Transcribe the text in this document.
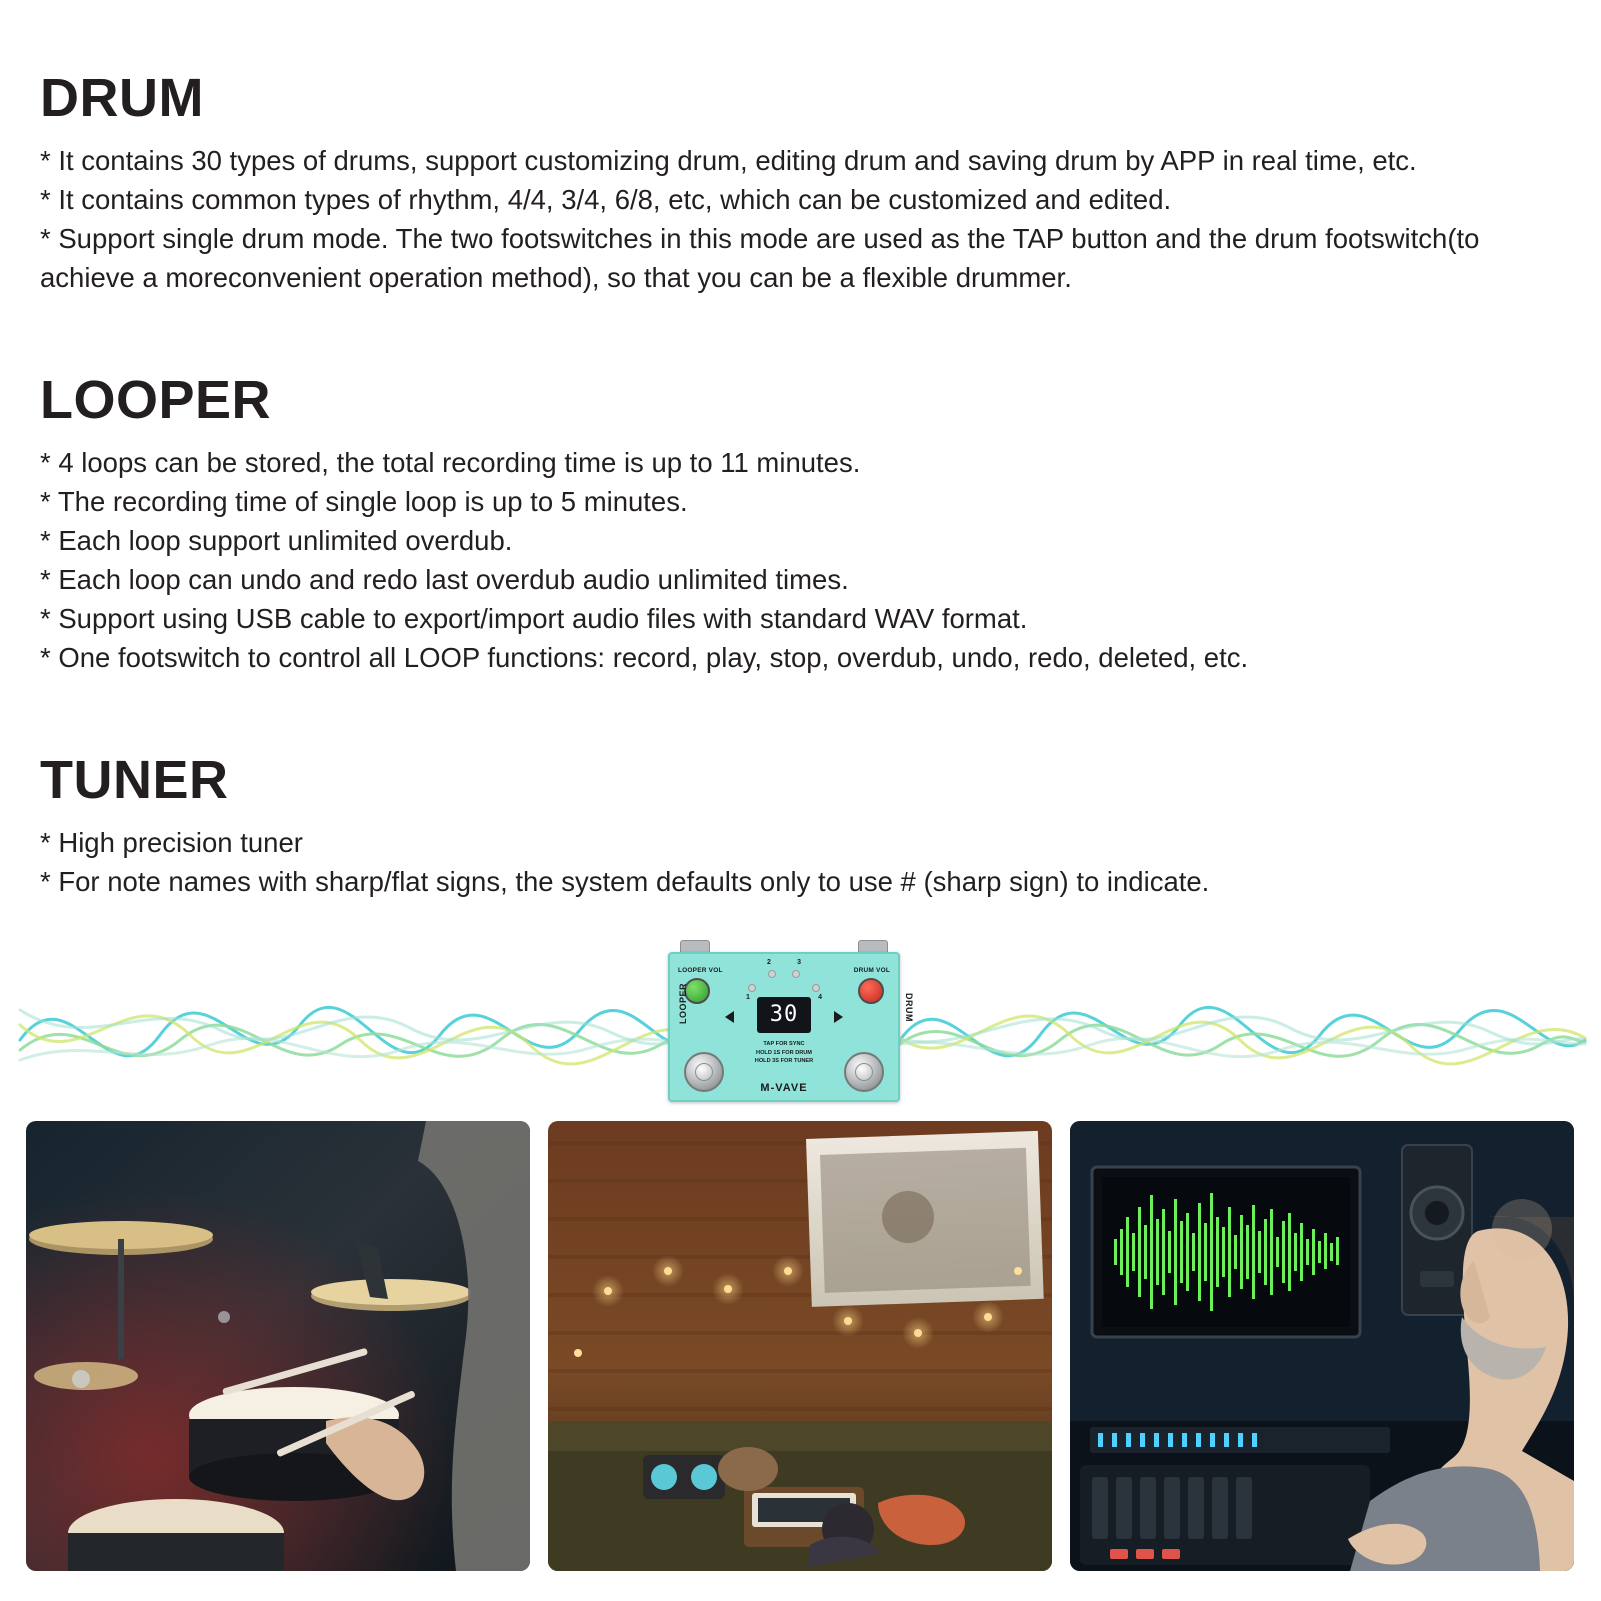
DRUM

* It contains 30 types of drums, support customizing drum, editing drum and saving drum by APP in real time, etc.

* It contains common types of rhythm, 4/4, 3/4, 6/8, etc, which can be customized and edited.

* Support single drum mode. The two footswitches in this mode are used as the TAP button and the drum footswitch(to achieve a moreconvenient operation method), so that you can be a flexible drummer.

LOOPER

* 4 loops can be stored, the total recording time is up to 11 minutes.

* The recording time of single loop is up to 5 minutes.

* Each loop support unlimited overdub.

* Each loop can undo and redo last overdub audio unlimited times.

* Support using USB cable to export/import audio files with standard WAV format.

* One footswitch to control all LOOP functions: record, play, stop, overdub, undo, redo, deleted, etc.

TUNER

* High precision tuner

* For note names with sharp/flat signs, the system defaults only to use # (sharp sign) to indicate.

LOOPER VOL	DRUM VOL
1
2	3
4
30
LOOPER	DRUM
TAP FOR SYNC
HOLD 1S FOR DRUM
HOLD 3S FOR TUNER
M-VAVE
